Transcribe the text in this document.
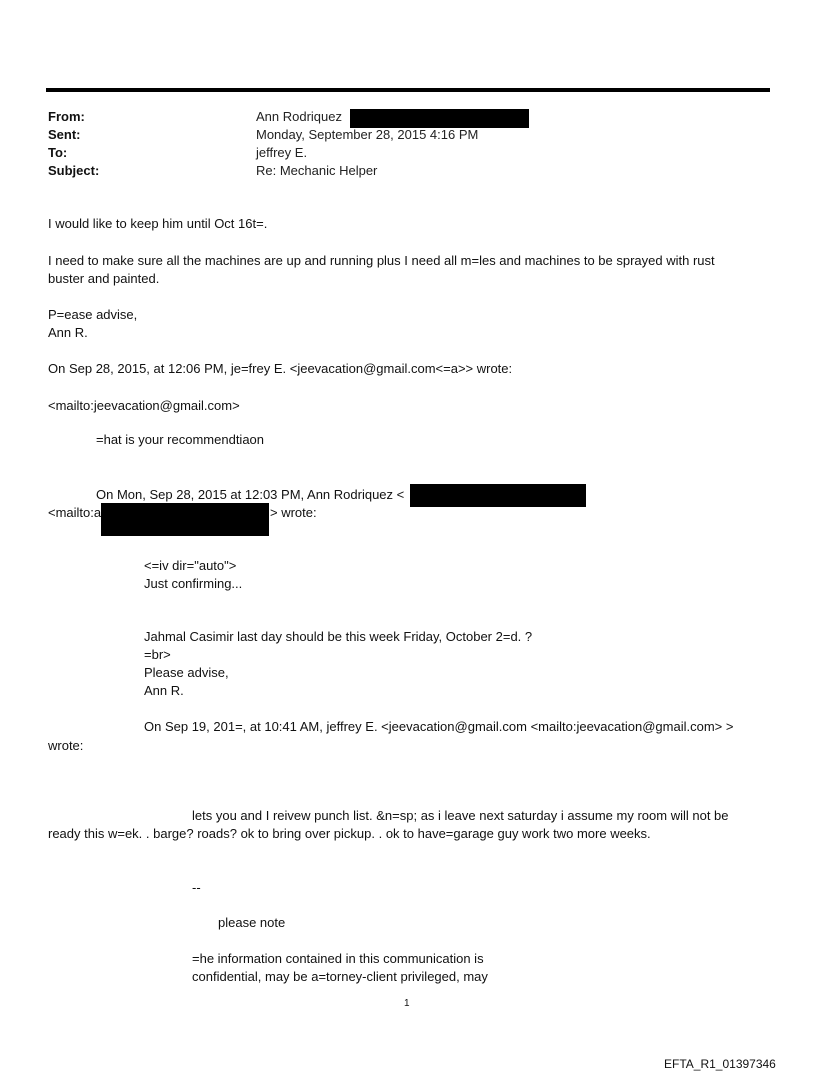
From:
Sent:
To:
Subject:
Ann Rodriquez
Monday, September 28, 2015 4:16 PM
jeffrey E.
Re: Mechanic Helper
I would like to keep him until Oct 16t=.
I need to make sure all the machines are up and running plus I need all m=les and machines to be sprayed with rust
buster and painted.
P=ease advise,
Ann R.
On Sep 28, 2015, at 12:06 PM, je=frey E. <jeevacation@gmail.com<=a>> wrote:
<mailto:jeevacation@gmail.com>
=hat is your recommendtiaon
On Mon, Sep 28, 2015 at 12:03 PM, Ann Rodriquez <
<mailto:a	> wrote:
<=iv dir="auto">
Just confirming...
Jahmal Casimir last day should be this week Friday, October 2=d. ?
=br>
Please advise,
Ann R.
On Sep 19, 201=, at 10:41 AM, jeffrey E. <jeevacation@gmail.com <mailto:jeevacation@gmail.com> >
wrote:
lets you and I reivew punch list. &n=sp; as i leave next saturday i assume my room will not be
ready this w=ek. . barge? roads? ok to bring over pickup. . ok to have=garage guy work two more weeks.
--
please note
=he information contained in this communication is
confidential, may be a=torney-client privileged, may
1
EFTA_R1_01397346
